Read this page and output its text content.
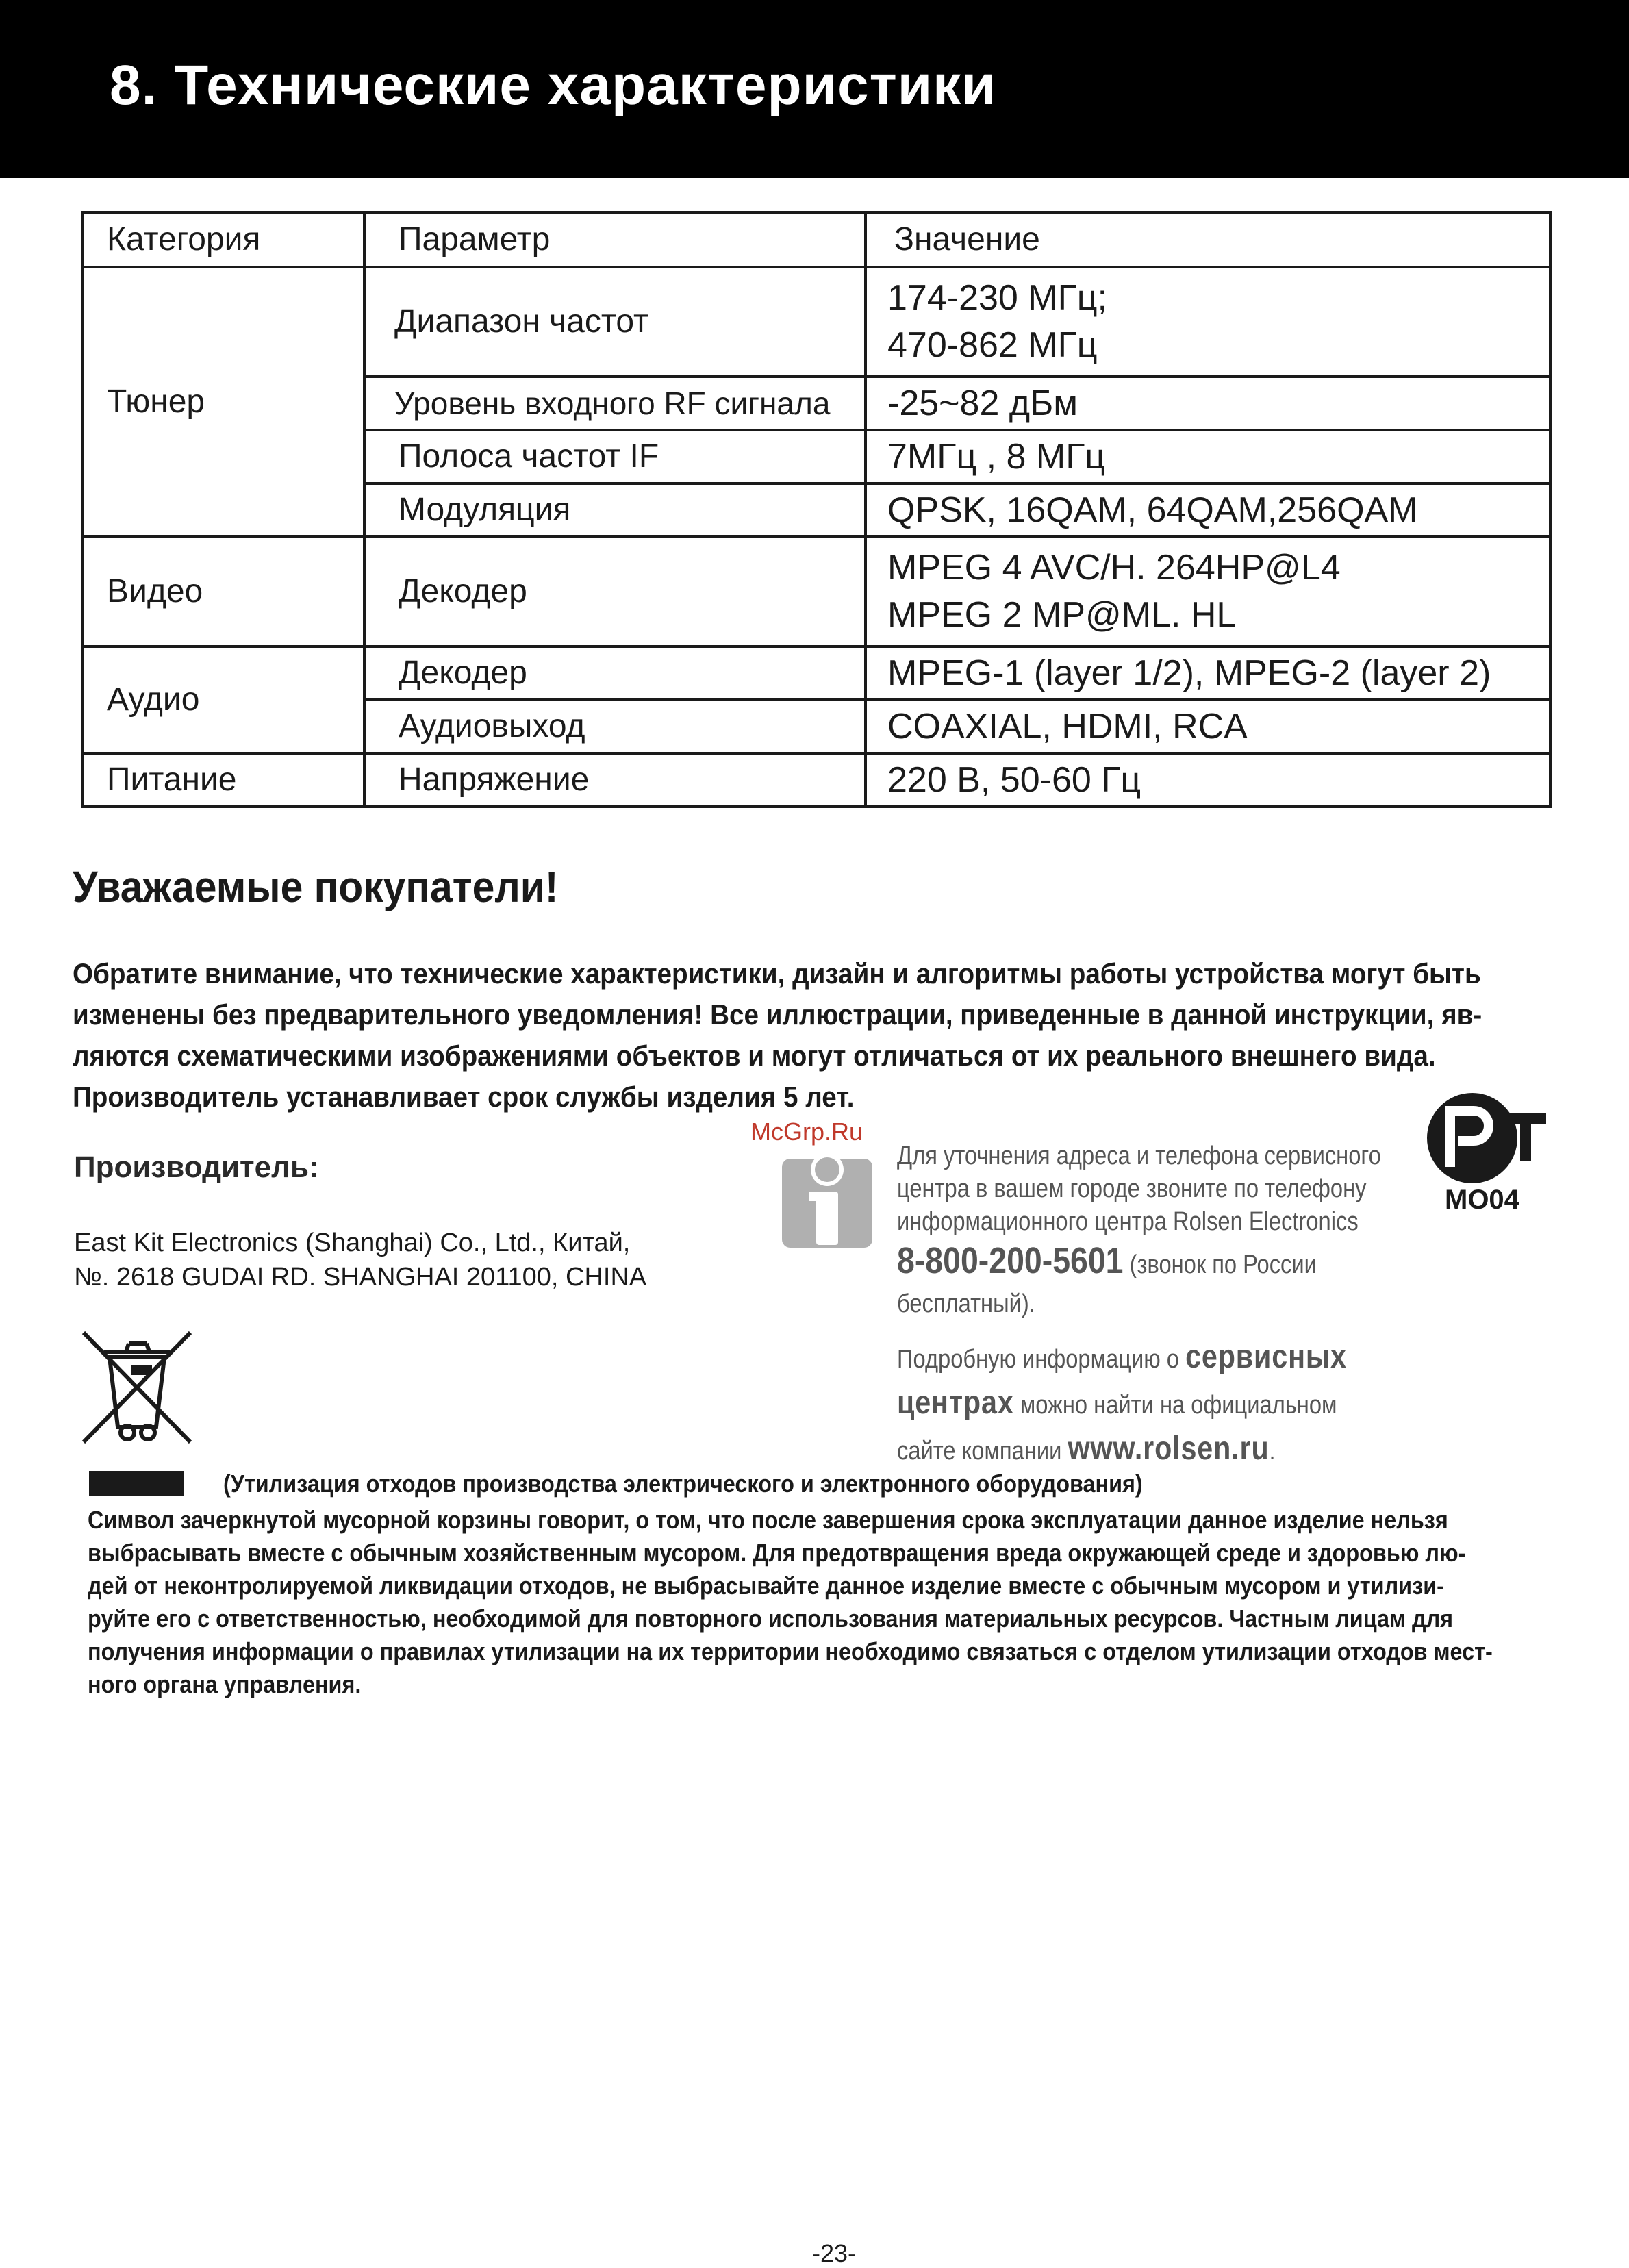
8. Технические характеристики
Категория	Параметр	Значение
Тюнер	Диапазон частот	174-230 МГц;
470-862 МГц

	Уровень входного RF сигнала	-25~82 дБм
	Полоса частот IF	7МГц , 8 МГц
	Модуляция	QPSK, 16QAM, 64QAM,256QAM
Видео	Декодер	MPEG 4 AVC/H. 264HP@L4
MPEG 2 MP@ML. HL

Аудио	Декодер	MPEG-1 (layer 1/2), MPEG-2 (layer 2)
	Аудиовыход	COAXIAL, HDMI, RCA
Питание	Напряжение	220 В, 50-60 Гц
Уважаемые покупатели!
Обратите внимание, что технические характеристики, дизайн и алгоритмы работы устройства могут быть
изменены без предварительного уведомления! Все иллюстрации, приведенные в данной инструкции, яв-
ляются схематическими изображениями объектов и могут отличаться от их реального внешнего вида.
Производитель устанавливает срок службы изделия 5 лет.
Производитель:
East Kit Electronics (Shanghai) Co., Ltd., Китай,
№. 2618 GUDAI RD. SHANGHAI 201100, CHINA
McGrp.Ru
Для уточнения адреса и телефона сервисного
центра в вашем городе звоните по телефону
информационного центра Rolsen Electronics
8-800-200-5601 (звонок по России
бесплатный).
Подробную информацию о сервисных
центрах можно найти на официальном
сайте компании www.rolsen.ru.
MO04
(Утилизация отходов производства электрического и электронного оборудования)
Символ зачеркнутой мусорной корзины говорит, о том, что после завершения срока эксплуатации данное изделие нельзя
выбрасывать вместе с обычным хозяйственным мусором. Для предотвращения вреда окружающей среде и здоровью лю-
дей от неконтролируемой ликвидации отходов, не выбрасывайте данное изделие вместе с обычным мусором и утилизи-
руйте его с ответственностью, необходимой для повторного использования материальных ресурсов. Частным лицам для
получения информации о правилах утилизации на их территории необходимо связаться с отделом утилизации отходов мест-
ного органа управления.
-23-
